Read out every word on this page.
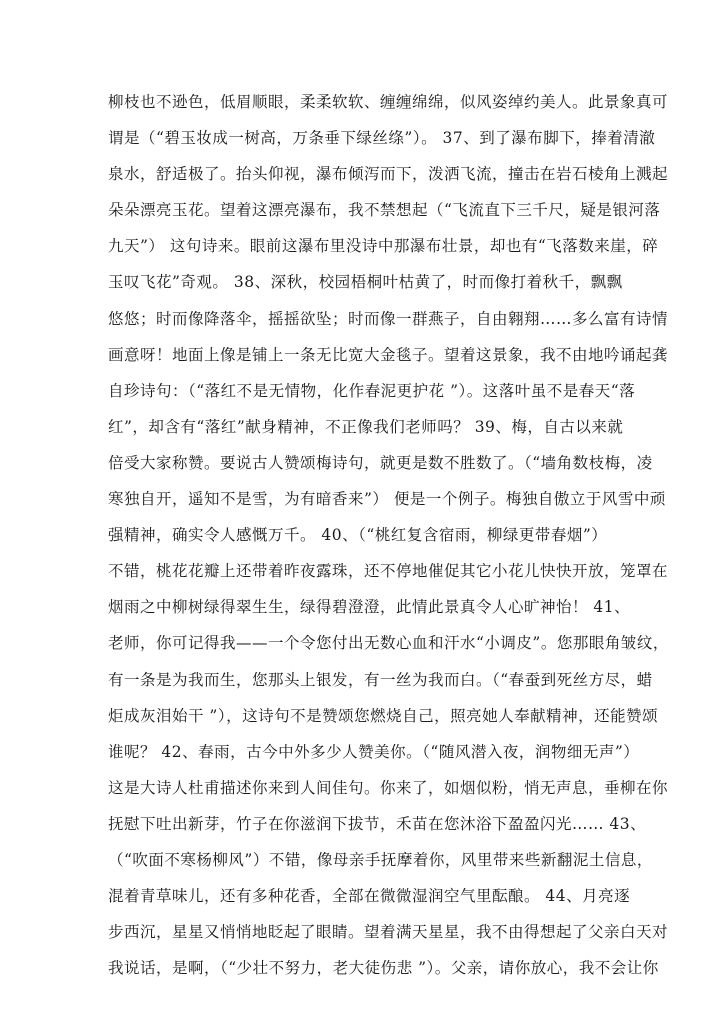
柳枝也不逊色，低眉顺眼，柔柔软软、缠缠绵绵，似风姿绰约美人。此景象真可
谓是（“碧玉妆成一树高，万条垂下绿丝绦”）。 37、到了瀑布脚下，捧着清澈
泉水，舒适极了。抬头仰视，瀑布倾泻而下，泼洒飞流，撞击在岩石棱角上溅起
朵朵漂亮玉花。望着这漂亮瀑布，我不禁想起（“飞流直下三千尺，疑是银河落
九天”） 这句诗来。眼前这瀑布里没诗中那瀑布壮景，却也有“飞落数来崖，碎
玉叹飞花”奇观。 38、深秋，校园梧桐叶枯黄了，时而像打着秋千，飘飘
悠悠；时而像降落伞，摇摇欲坠；时而像一群燕子，自由翱翔……多么富有诗情
画意呀！地面上像是铺上一条无比宽大金毯子。望着这景象，我不由地吟诵起龚
自珍诗句：（“落红不是无情物，化作春泥更护花 ”）。这落叶虽不是春天“落
红”，却含有“落红”献身精神，不正像我们老师吗？ 39、梅，自古以来就
倍受大家称赞。要说古人赞颂梅诗句，就更是数不胜数了。（“墙角数枝梅，凌
寒独自开，遥知不是雪，为有暗香来”） 便是一个例子。梅独自傲立于风雪中顽
强精神，确实令人感慨万千。 40、（“桃红复含宿雨，柳绿更带春烟”）
不错，桃花花瓣上还带着昨夜露珠，还不停地催促其它小花儿快快开放，笼罩在
烟雨之中柳树绿得翠生生，绿得碧澄澄，此情此景真令人心旷神怡！ 41、
老师，你可记得我——一个令您付出无数心血和汗水“小调皮”。您那眼角皱纹，
有一条是为我而生，您那头上银发，有一丝为我而白。（“春蚕到死丝方尽，蜡
炬成灰泪始干 ”），这诗句不是赞颂您燃烧自己，照亮她人奉献精神，还能赞颂
谁呢？ 42、春雨，古今中外多少人赞美你。（“随风潜入夜，润物细无声”）
这是大诗人杜甫描述你来到人间佳句。你来了，如烟似粉，悄无声息，垂柳在你
抚慰下吐出新芽，竹子在你滋润下拔节，禾苗在您沐浴下盈盈闪光…… 43、
（“吹面不寒杨柳风”）不错，像母亲手抚摩着你，风里带来些新翻泥土信息，
混着青草味儿，还有多种花香，全部在微微湿润空气里酝酿。 44、月亮逐
步西沉，星星又悄悄地眨起了眼睛。望着满天星星，我不由得想起了父亲白天对
我说话，是啊，（“少壮不努力，老大徒伤悲 ”）。父亲，请你放心，我不会让你
